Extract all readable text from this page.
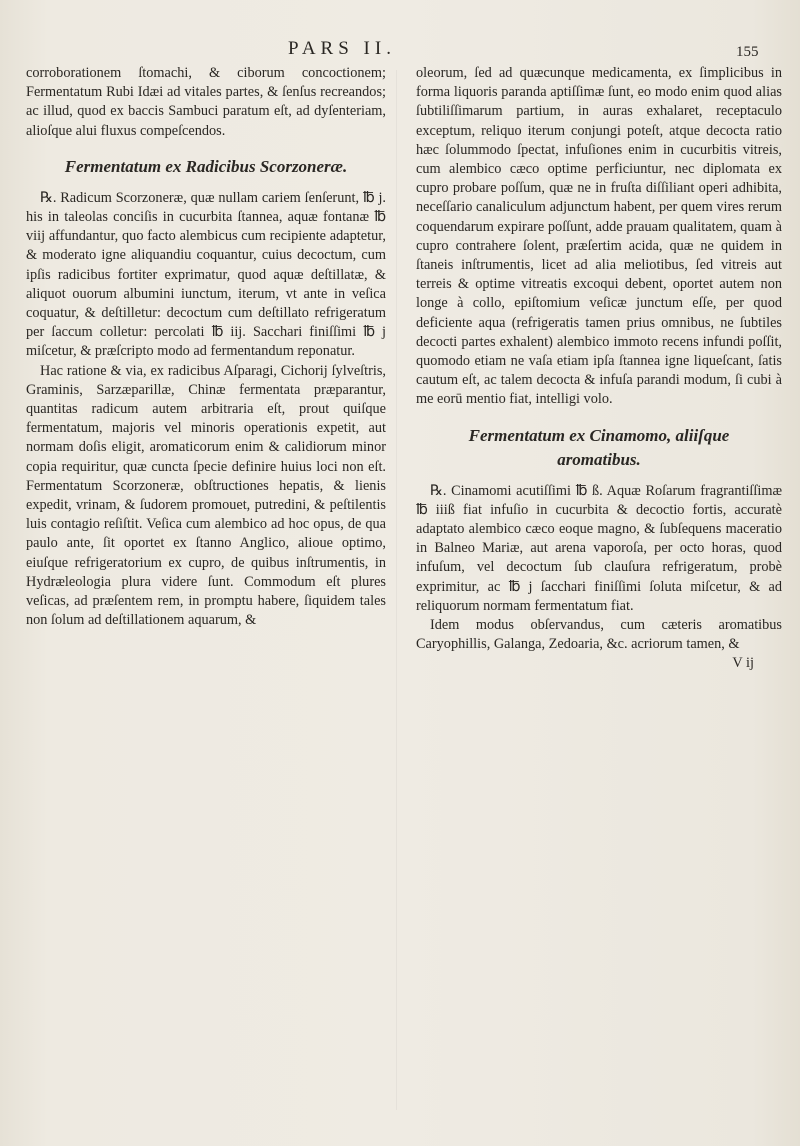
PARS II.	155

corroborationem ſtomachi, & ciborum concoctionem; Fermentatum Rubi Idæi ad vitales partes, & ſenſus recreandos; ac illud, quod ex baccis Sambuci paratum eſt, ad dyſenteriam, alioſque alui fluxus compeſcendos.

Fermentatum ex Radicibus Scorzoneræ.

℞. Radicum Scorzoneræ, quæ nullam cariem ſenſerunt, ℔ j. his in taleolas conciſis in cucurbita ſtannea, aquæ fontanæ ℔ viij affundantur, quo facto alembicus cum recipiente adaptetur, & moderato igne aliquandiu coquantur, cuius decoctum, cum ipſis radicibus fortiter exprimatur, quod aquæ deſtillatæ, & aliquot ouorum albumini iunctum, iterum, vt ante in veſica coquatur, & deſtilletur: decoctum cum deſtillato refrigeratum per ſaccum colletur: percolati ℔ iij. Sacchari finiſſimi ℔ j miſcetur, & præſcripto modo ad fermentandum reponatur.

Hac ratione & via, ex radicibus Aſparagi, Cichorij ſylveſtris, Graminis, Sarzæparillæ, Chinæ fermentata præparantur, quantitas radicum autem arbitraria eſt, prout quiſque fermentatum, majoris vel minoris operationis expetit, aut normam doſis eligit, aromaticorum enim & calidiorum minor copia requiritur, quæ cuncta ſpecie definire huius loci non eſt. Fermentatum Scorzoneræ, obſtructiones hepatis, & lienis expedit, vrinam, & ſudorem promouet, putredini, & peſtilentis luis contagio reſiſtit. Veſica cum alembico ad hoc opus, de qua paulo ante, ſit oportet ex ſtanno Anglico, alioue optimo, eiuſque refrigeratorium ex cupro, de quibus inſtrumentis, in Hydræleologia plura videre ſunt. Commodum eſt plures veſicas, ad præſentem rem, in promptu habere, ſiquidem tales non ſolum ad deſtillationem aquarum, &

oleorum, ſed ad quæcunque medicamenta, ex ſimplicibus in forma liquoris paranda aptiſſimæ ſunt, eo modo enim quod alias ſubtiliſſimarum partium, in auras exhalaret, receptaculo exceptum, reliquo iterum conjungi poteſt, atque decocta ratio hæc ſolummodo ſpectat, infuſiones enim in cucurbitis vitreis, cum alembico cæco optime perficiuntur, nec diplomata ex cupro probare poſſum, quæ ne in fruſta diſſiliant operi adhibita, neceſſario canaliculum adjunctum habent, per quem vires rerum coquendarum expirare poſſunt, adde prauam qualitatem, quam à cupro contrahere ſolent, præſertim acida, quæ ne quidem in ſtaneis inſtrumentis, licet ad alia meliotibus, ſed vitreis aut terreis & optime vitreatis excoqui debent, oportet autem non longe à collo, epiſtomium veſicæ junctum eſſe, per quod deficiente aqua (refrigeratis tamen prius omnibus, ne ſubtiles decocti partes exhalent) alembico immoto recens infundi poſſit, quomodo etiam ne vaſa etiam ipſa ſtannea igne liqueſcant, ſatis cautum eſt, ac talem decocta & infuſa parandi modum, ſi cubi à me eorū mentio fiat, intelligi volo.

Fermentatum ex Cinamomo, aliiſque
aromatibus.

℞. Cinamomi acutiſſimi ℔ ß. Aquæ Roſarum fragrantiſſimæ ℔ iiiß fiat infuſio in cucurbita & decoctio fortis, accuratè adaptato alembico cæco eoque magno, & ſubſequens maceratio in Balneo Mariæ, aut arena vaporoſa, per octo horas, quod infuſum, vel decoctum ſub clauſura refrigeratum, probè exprimitur, ac ℔ j ſacchari finiſſimi ſoluta miſcetur, & ad reliquorum normam fermentatum fiat.

Idem modus obſervandus, cum cæteris aromatibus Caryophillis, Galanga, Zedoaria, &c. acriorum tamen, &

V ij
